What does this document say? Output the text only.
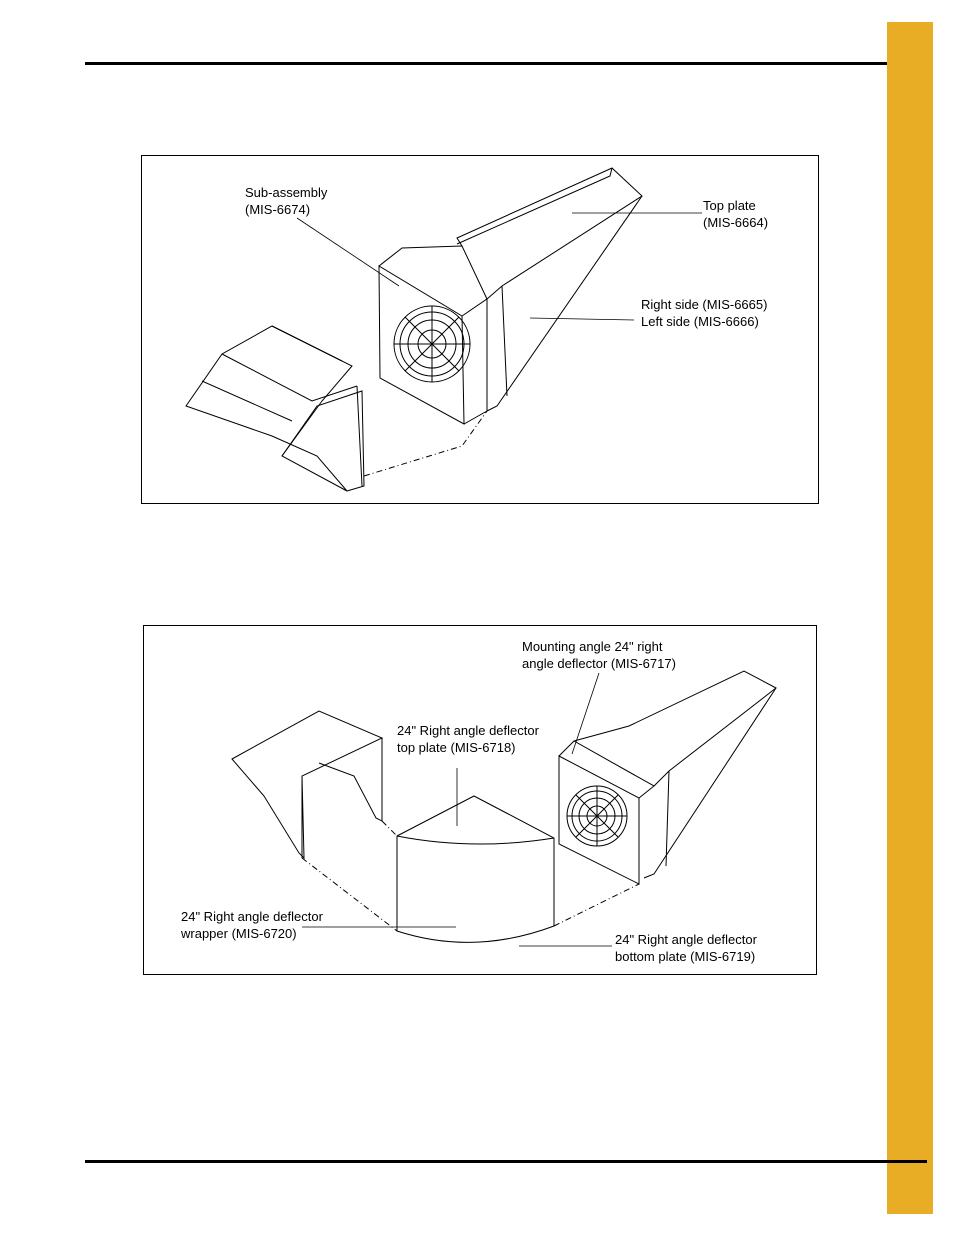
Sub-assembly
(MIS-6674)	Top plate
(MIS-6664)
Right side (MIS-6665)
Left side (MIS-6666)
Mounting angle 24" right
angle deflector (MIS-6717)
24" Right angle deflector
top plate (MIS-6718)
24" Right angle deflector
wrapper (MIS-6720)	24" Right angle deflector
bottom plate (MIS-6719)
